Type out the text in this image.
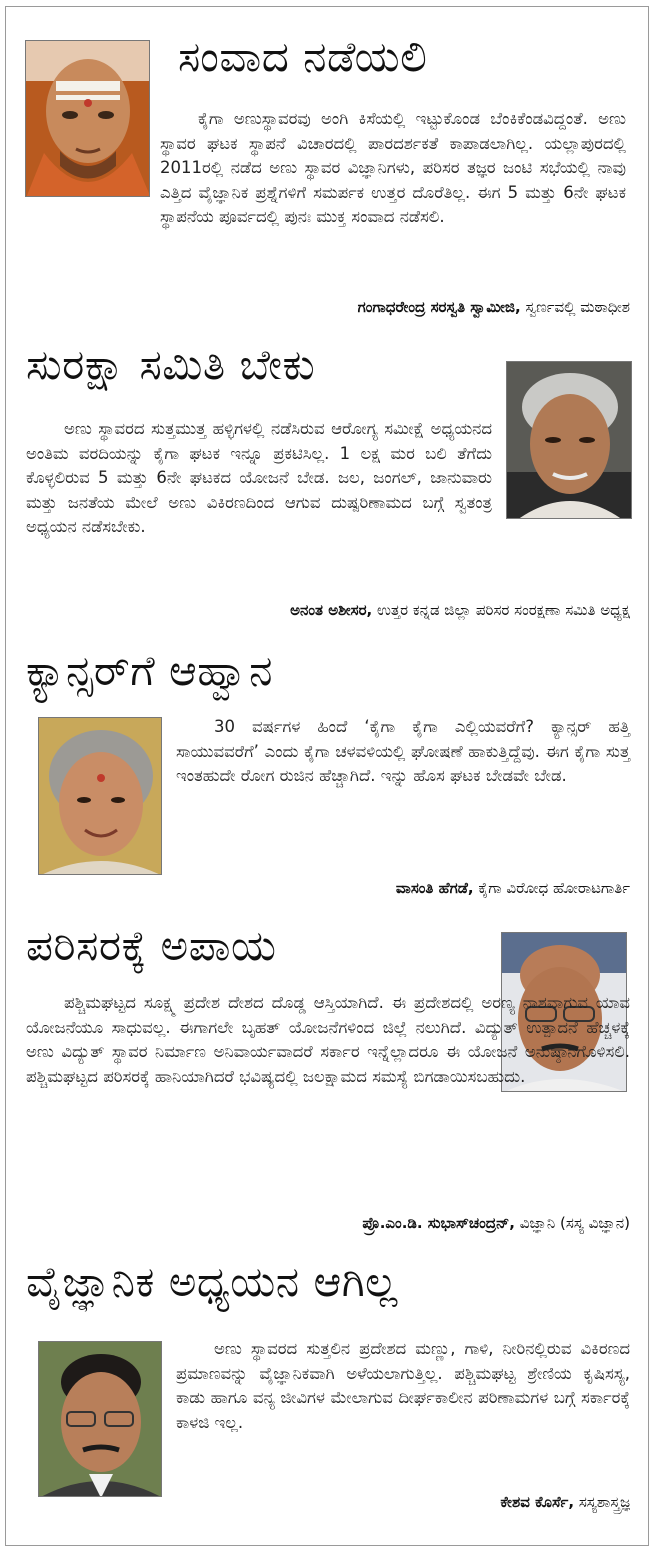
ಸಂವಾದ ನಡೆಯಲಿ

ಕೈಗಾ ಅಣುಸ್ಥಾವರವು ಅಂಗಿ ಕಿಸೆಯಲ್ಲಿ ಇಟ್ಟುಕೊಂಡ ಬೆಂಕಿಕೆಂಡವಿದ್ದಂತೆ. ಅಣು ಸ್ಥಾವರ ಘಟಕ ಸ್ಥಾಪನೆ ವಿಚಾರದಲ್ಲಿ ಪಾರದರ್ಶಕತೆ ಕಾಪಾಡಲಾಗಿಲ್ಲ. ಯಲ್ಲಾಪುರದಲ್ಲಿ 2011ರಲ್ಲಿ ನಡೆದ ಅಣು ಸ್ಥಾವರ ವಿಜ್ಞಾನಿಗಳು, ಪರಿಸರ ತಜ್ಞರ ಜಂಟಿ ಸಭೆಯಲ್ಲಿ ನಾವು ಎತ್ತಿದ ವೈಜ್ಞಾನಿಕ ಪ್ರಶ್ನೆಗಳಿಗೆ ಸಮರ್ಪಕ ಉತ್ತರ ದೊರೆತಿಲ್ಲ. ಈಗ 5 ಮತ್ತು 6ನೇ ಘಟಕ ಸ್ಥಾಪನೆಯ ಪೂರ್ವದಲ್ಲಿ ಪುನಃ ಮುಕ್ತ ಸಂವಾದ ನಡೆಸಲಿ.

ಗಂಗಾಧರೇಂದ್ರ ಸರಸ್ವತಿ ಸ್ವಾಮೀಜಿ, ಸ್ವರ್ಣವಲ್ಲಿ ಮಠಾಧೀಶ
ಸುರಕ್ಷಾ ಸಮಿತಿ ಬೇಕು

ಅಣು ಸ್ಥಾವರದ ಸುತ್ತಮುತ್ತ ಹಳ್ಳಿಗಳಲ್ಲಿ ನಡೆಸಿರುವ ಆರೋಗ್ಯ ಸಮೀಕ್ಷೆ ಅಧ್ಯಯನದ ಅಂತಿಮ ವರದಿಯನ್ನು ಕೈಗಾ ಘಟಕ ಇನ್ನೂ ಪ್ರಕಟಿಸಿಲ್ಲ. 1 ಲಕ್ಷ ಮರ ಬಲಿ ತೆಗೆದು ಕೊಳ್ಳಲಿರುವ 5 ಮತ್ತು 6ನೇ ಘಟಕದ ಯೋಜನೆ ಬೇಡ. ಜಲ, ಜಂಗಲ್, ಜಾನುವಾರು ಮತ್ತು ಜನತೆಯ ಮೇಲೆ ಅಣು ವಿಕಿರಣದಿಂದ ಆಗುವ ದುಷ್ಪರಿಣಾಮದ ಬಗ್ಗೆ ಸ್ವತಂತ್ರ ಅಧ್ಯಯನ ನಡೆಸಬೇಕು.

ಅನಂತ ಅಶೀಸರ, ಉತ್ತರ ಕನ್ನಡ ಜಿಲ್ಲಾ ಪರಿಸರ ಸಂರಕ್ಷಣಾ ಸಮಿತಿ ಅಧ್ಯಕ್ಷ
ಕ್ಯಾನ್ಸರ್‌ಗೆ ಆಹ್ವಾನ

30 ವರ್ಷಗಳ ಹಿಂದೆ ‘ಕೈಗಾ ಕೈಗಾ ಎಲ್ಲಿಯವರೆಗೆ? ಕ್ಯಾನ್ಸರ್ ಹತ್ತಿ ಸಾಯುವವರೆಗೆ’ ಎಂದು ಕೈಗಾ ಚಳವಳಿಯಲ್ಲಿ ಘೋಷಣೆ ಹಾಕುತ್ತಿದ್ದೆವು. ಈಗ ಕೈಗಾ ಸುತ್ತ ಇಂತಹುದೇ ರೋಗ ರುಜಿನ ಹೆಚ್ಚಾಗಿದೆ. ಇನ್ನು ಹೊಸ ಘಟಕ ಬೇಡವೇ ಬೇಡ.

ವಾಸಂತಿ ಹೆಗಡೆ, ಕೈಗಾ ವಿರೋಧ ಹೋರಾಟಗಾರ್ತಿ
ಪರಿಸರಕ್ಕೆ ಅಪಾಯ

ಪಶ್ಚಿಮಘಟ್ಟದ ಸೂಕ್ಷ್ಮ ಪ್ರದೇಶ ದೇಶದ ದೊಡ್ಡ ಆಸ್ತಿಯಾಗಿದೆ. ಈ ಪ್ರದೇಶದಲ್ಲಿ ಅರಣ್ಯ ನಾಶವಾಗುವ ಯಾವ ಯೋಜನೆಯೂ ಸಾಧುವಲ್ಲ. ಈಗಾಗಲೇ ಬೃಹತ್ ಯೋಜನೆಗಳಿಂದ ಜಿಲ್ಲೆ ನಲುಗಿದೆ. ವಿದ್ಯುತ್ ಉತ್ಪಾದನೆ ಹೆಚ್ಚಳಕ್ಕೆ ಅಣು ವಿದ್ಯುತ್ ಸ್ಥಾವರ ನಿರ್ಮಾಣ ಅನಿವಾರ್ಯವಾದರೆ ಸರ್ಕಾರ ಇನ್ನೆಲ್ಲಾದರೂ ಈ ಯೋಜನೆ ಅನುಷ್ಠಾನಗೊಳಿಸಲಿ. ಪಶ್ಚಿಮಘಟ್ಟದ ಪರಿಸರಕ್ಕೆ ಹಾನಿಯಾಗಿದರೆ ಭವಿಷ್ಯದಲ್ಲಿ ಜಲಕ್ಷಾಮದ ಸಮಸ್ಯೆ ಬಿಗಡಾಯಿಸಬಹುದು.

ಪ್ರೊ.ಎಂ.ಡಿ. ಸುಭಾಸ್‌ಚಂದ್ರನ್, ವಿಜ್ಞಾನಿ (ಸಸ್ಯ ವಿಜ್ಞಾನ)
ವೈಜ್ಞಾನಿಕ ಅಧ್ಯಯನ ಆಗಿಲ್ಲ

ಅಣು ಸ್ಥಾವರದ ಸುತ್ತಲಿನ ಪ್ರದೇಶದ ಮಣ್ಣು, ಗಾಳಿ, ನೀರಿನಲ್ಲಿರುವ ವಿಕಿರಣದ ಪ್ರಮಾಣವನ್ನು ವೈಜ್ಞಾನಿಕವಾಗಿ ಅಳೆಯಲಾಗುತ್ತಿಲ್ಲ. ಪಶ್ಚಿಮಘಟ್ಟ ಶ್ರೇಣಿಯ ಕೃಷಿಸಸ್ಯ, ಕಾಡು ಹಾಗೂ ವನ್ಯ ಜೀವಿಗಳ ಮೇಲಾಗುವ ದೀರ್ಘಕಾಲೀನ ಪರಿಣಾಮಗಳ ಬಗ್ಗೆ ಸರ್ಕಾರಕ್ಕೆ ಕಾಳಜಿ ಇಲ್ಲ.

ಕೇಶವ ಕೊರ್ಸೆ, ಸಸ್ಯಶಾಸ್ತ್ರಜ್ಞ
